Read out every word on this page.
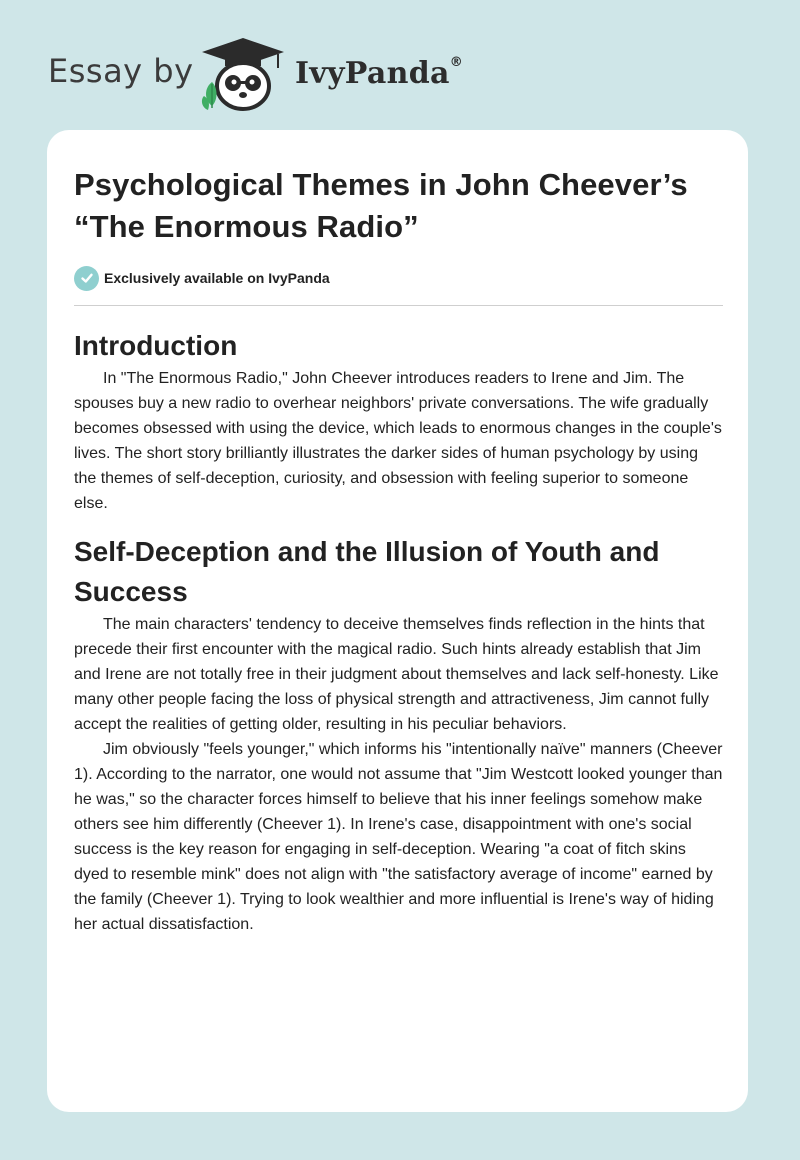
Essay by	IvyPanda®
Psychological Themes in John Cheever’s “The Enormous Radio”
Exclusively available on IvyPanda
Introduction

In "The Enormous Radio," John Cheever introduces readers to Irene and Jim. The spouses buy a new radio to overhear neighbors' private conversations. The wife gradually becomes obsessed with using the device, which leads to enormous changes in the couple's lives. The short story brilliantly illustrates the darker sides of human psychology by using the themes of self-deception, curiosity, and obsession with feeling superior to someone else.

Self-Deception and the Illusion of Youth and Success

The main characters' tendency to deceive themselves finds reflection in the hints that precede their first encounter with the magical radio. Such hints already establish that Jim and Irene are not totally free in their judgment about themselves and lack self-honesty. Like many other people facing the loss of physical strength and attractiveness, Jim cannot fully accept the realities of getting older, resulting in his peculiar behaviors.

Jim obviously "feels younger," which informs his "intentionally naïve" manners (Cheever 1). According to the narrator, one would not assume that "Jim Westcott looked younger than he was," so the character forces himself to believe that his inner feelings somehow make others see him differently (Cheever 1). In Irene's case, disappointment with one's social success is the key reason for engaging in self-deception. Wearing "a coat of fitch skins dyed to resemble mink" does not align with "the satisfactory average of income" earned by the family (Cheever 1). Trying to look wealthier and more influential is Irene's way of hiding her actual dissatisfaction.
